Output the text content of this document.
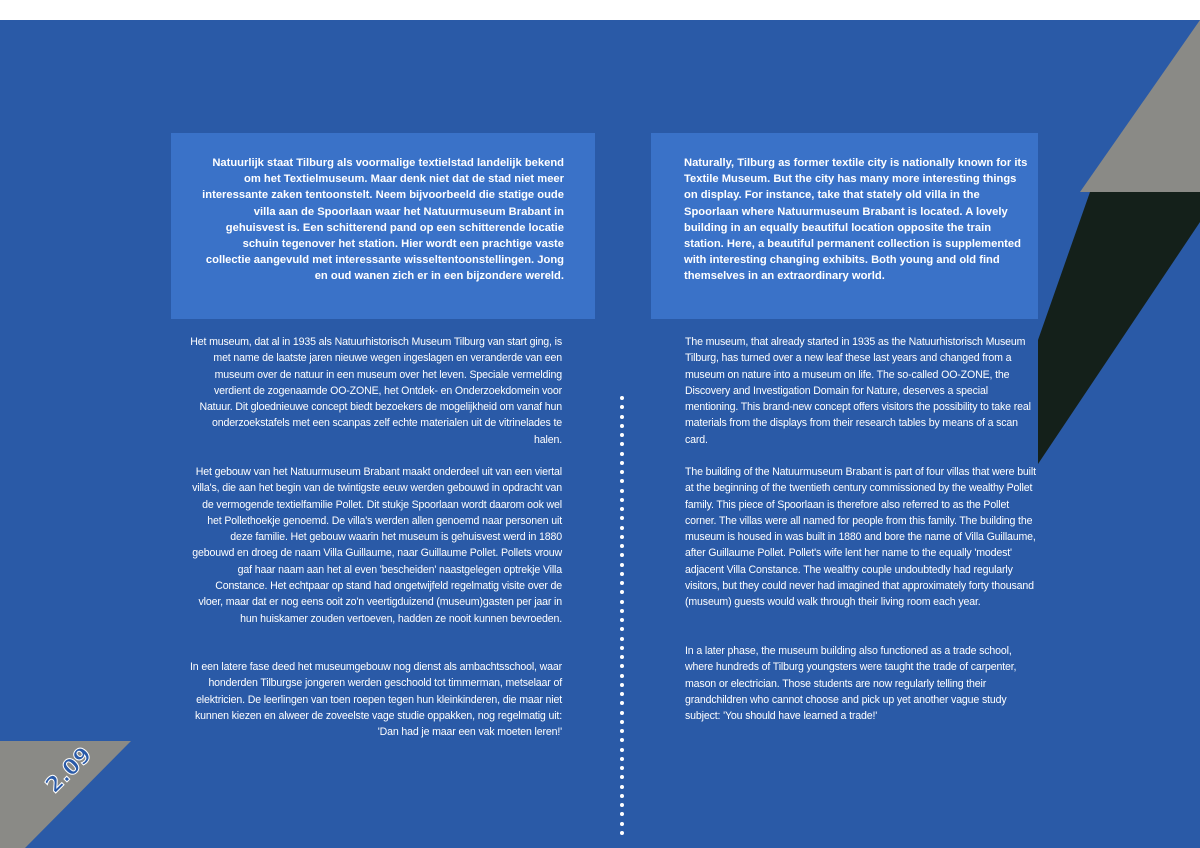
Natuurlijk staat Tilburg als voormalige textielstad landelijk bekend om het Textielmuseum. Maar denk niet dat de stad niet meer interessante zaken tentoonstelt. Neem bijvoorbeeld die statige oude villa aan de Spoorlaan waar het Natuurmuseum Brabant in gehuisvest is. Een schitterend pand op een schitterende locatie schuin tegenover het station. Hier wordt een prachtige vaste collectie aangevuld met interessante wisseltentoonstellingen. Jong en oud wanen zich er in een bijzondere wereld.
Naturally, Tilburg as former textile city is nationally known for its Textile Museum. But the city has many more interesting things on display. For instance, take that stately old villa in the Spoorlaan where Natuurmuseum Brabant is located. A lovely building in an equally beautiful location opposite the train station. Here, a beautiful permanent collection is supplemented with interesting changing exhibits. Both young and old find themselves in an extraordinary world.

Het museum, dat al in 1935 als Natuurhistorisch Museum Tilburg van start ging, is met name de laatste jaren nieuwe wegen ingeslagen en veranderde van een museum over de natuur in een museum over het leven. Speciale vermelding verdient de zogenaamde OO-ZONE, het Ontdek- en Onderzoekdomein voor Natuur. Dit gloednieuwe concept biedt bezoekers de mogelijkheid om vanaf hun onderzoekstafels met een scanpas zelf echte materialen uit de vitrinelades te halen.

Het gebouw van het Natuurmuseum Brabant maakt onderdeel uit van een viertal villa's, die aan het begin van de twintigste eeuw werden gebouwd in opdracht van de vermogende textielfamilie Pollet. Dit stukje Spoorlaan wordt daarom ook wel het Pollethoekje genoemd. De villa's werden allen genoemd naar personen uit deze familie. Het gebouw waarin het museum is gehuisvest werd in 1880 gebouwd en droeg de naam Villa Guillaume, naar Guillaume Pollet. Pollets vrouw gaf haar naam aan het al even 'bescheiden' naastgelegen optrekje Villa Constance. Het echtpaar op stand had ongetwijfeld regelmatig visite over de vloer, maar dat er nog eens ooit zo'n veertigduizend (museum)gasten per jaar in hun huiskamer zouden vertoeven, hadden ze nooit kunnen bevroeden.

In een latere fase deed het museumgebouw nog dienst als ambachtsschool, waar honderden Tilburgse jongeren werden geschoold tot timmerman, metselaar of elektricien. De leerlingen van toen roepen tegen hun kleinkinderen, die maar niet kunnen kiezen en alweer de zoveelste vage studie oppakken, nog regelmatig uit: 'Dan had je maar een vak moeten leren!'

The museum, that already started in 1935 as the Natuurhistorisch Museum Tilburg, has turned over a new leaf these last years and changed from a museum on nature into a museum on life. The so-called OO-ZONE, the Discovery and Investigation Domain for Nature, deserves a special mentioning. This brand-new concept offers visitors the possibility to take real materials from the displays from their research tables by means of a scan card.

The building of the Natuurmuseum Brabant is part of four villas that were built at the beginning of the twentieth century commissioned by the wealthy Pollet family. This piece of Spoorlaan is therefore also referred to as the Pollet corner. The villas were all named for people from this family. The building the museum is housed in was built in 1880 and bore the name of Villa Guillaume, after Guillaume Pollet. Pollet's wife lent her name to the equally 'modest' adjacent Villa Constance. The wealthy couple undoubtedly had regularly visitors, but they could never had imagined that approximately forty thousand (museum) guests would walk through their living room each year.

In a later phase, the museum building also functioned as a trade school, where hundreds of Tilburg youngsters were taught the trade of carpenter, mason or electrician. Those students are now regularly telling their grandchildren who cannot choose and pick up yet another vague study subject: 'You should have learned a trade!'

2.09
